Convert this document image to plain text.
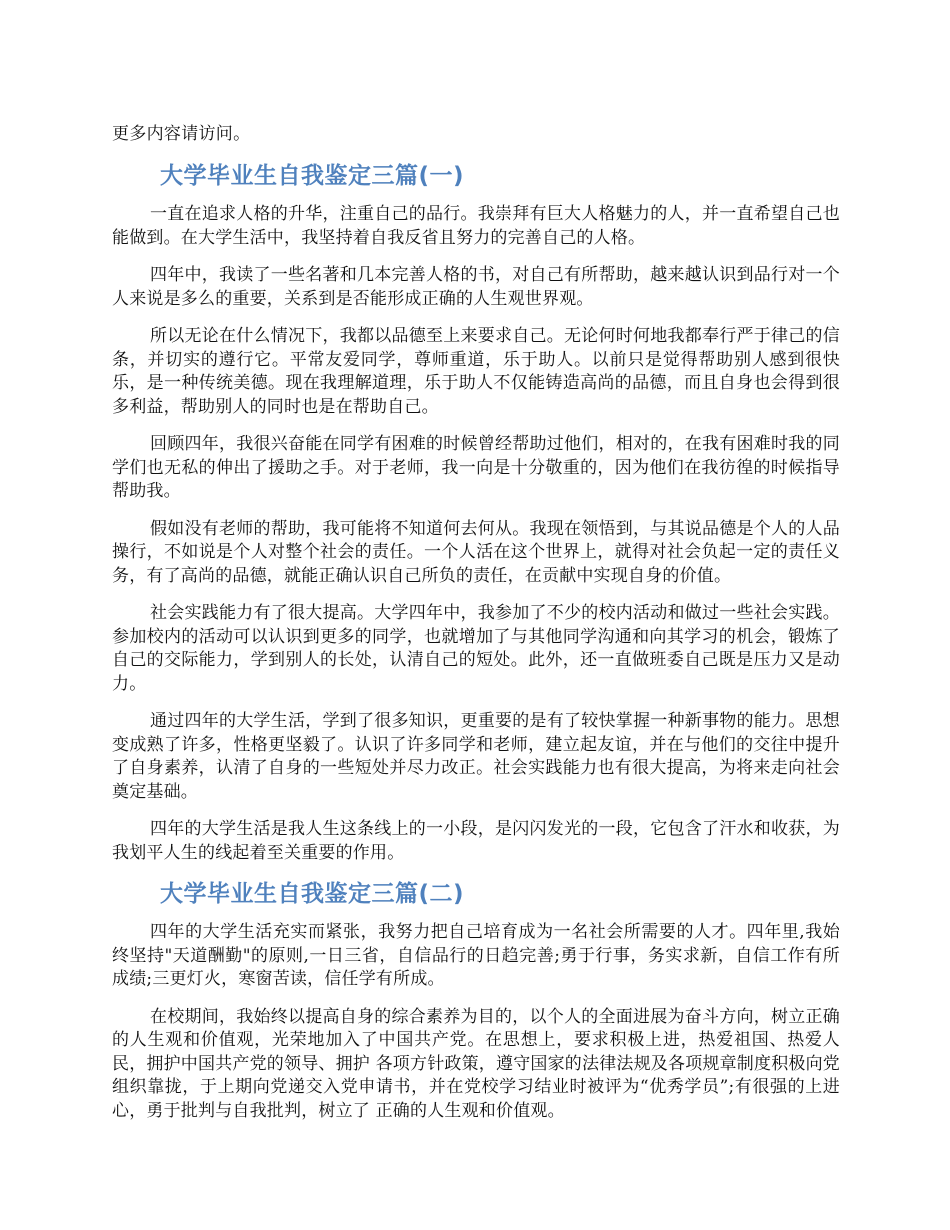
更多内容请访问。

大学毕业生自我鉴定三篇(一)

一直在追求人格的升华，注重自己的品行。我崇拜有巨大人格魅力的人，并一直希望自己也能做到。在大学生活中，我坚持着自我反省且努力的完善自己的人格。

四年中，我读了一些名著和几本完善人格的书，对自己有所帮助，越来越认识到品行对一个人来说是多么的重要，关系到是否能形成正确的人生观世界观。

所以无论在什么情况下，我都以品德至上来要求自己。无论何时何地我都奉行严于律己的信条，并切实的遵行它。平常友爱同学，尊师重道，乐于助人。以前只是觉得帮助别人感到很快乐，是一种传统美德。现在我理解道理，乐于助人不仅能铸造高尚的品德，而且自身也会得到很多利益，帮助别人的同时也是在帮助自己。

回顾四年，我很兴奋能在同学有困难的时候曾经帮助过他们，相对的，在我有困难时我的同学们也无私的伸出了援助之手。对于老师，我一向是十分敬重的，因为他们在我彷徨的时候指导帮助我。

假如没有老师的帮助，我可能将不知道何去何从。我现在领悟到，与其说品德是个人的人品操行，不如说是个人对整个社会的责任。一个人活在这个世界上，就得对社会负起一定的责任义务，有了高尚的品德，就能正确认识自己所负的责任，在贡献中实现自身的价值。

社会实践能力有了很大提高。大学四年中，我参加了不少的校内活动和做过一些社会实践。参加校内的活动可以认识到更多的同学，也就增加了与其他同学沟通和向其学习的机会，锻炼了自己的交际能力，学到别人的长处，认清自己的短处。此外，还一直做班委自己既是压力又是动力。

通过四年的大学生活，学到了很多知识，更重要的是有了较快掌握一种新事物的能力。思想变成熟了许多，性格更坚毅了。认识了许多同学和老师，建立起友谊，并在与他们的交往中提升了自身素养，认清了自身的一些短处并尽力改正。社会实践能力也有很大提高，为将来走向社会奠定基础。

四年的大学生活是我人生这条线上的一小段，是闪闪发光的一段，它包含了汗水和收获，为我划平人生的线起着至关重要的作用。

大学毕业生自我鉴定三篇(二)

四年的大学生活充实而紧张，我努力把自己培育成为一名社会所需要的人才。四年里,我始终坚持"天道酬勤"的原则,一日三省，自信品行的日趋完善;勇于行事，务实求新，自信工作有所成绩;三更灯火，寒窗苦读，信任学有所成。

在校期间，我始终以提高自身的综合素养为目的，以个人的全面进展为奋斗方向，树立正确的人生观和价值观，光荣地加入了中国共产党。在思想上，要求积极上进，热爱祖国、热爱人民，拥护中国共产党的领导、拥护 各项方针政策，遵守国家的法律法规及各项规章制度积极向党组织靠拢，于上期向党递交入党申请书，并在党校学习结业时被评为“优秀学员”;有很强的上进心，勇于批判与自我批判，树立了 正确的人生观和价值观。
